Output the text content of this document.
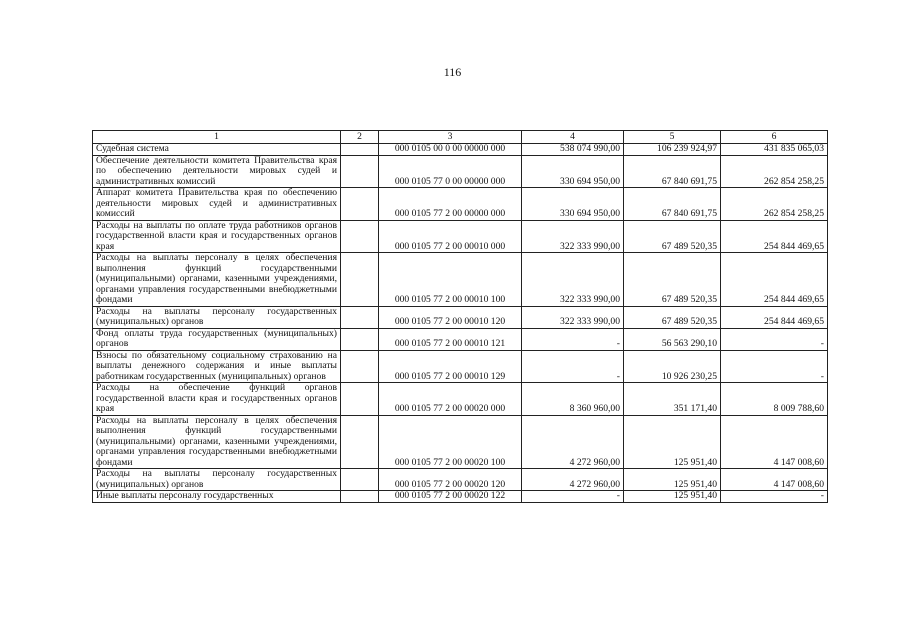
116
1	2	3	4	5	6
Судебная система		000 0105 00 0 00 00000 000	538 074 990,00	106 239 924,97	431 835 065,03
Обеспечение деятельности комитета Правительства края по обеспечению деятельности мировых судей и административных комиссий		000 0105 77 0 00 00000 000	330 694 950,00	67 840 691,75	262 854 258,25
Аппарат комитета Правительства края по обеспечению деятельности мировых судей и административных комиссий		000 0105 77 2 00 00000 000	330 694 950,00	67 840 691,75	262 854 258,25
Расходы на выплаты по оплате труда работников органов государственной власти края и государственных органов края		000 0105 77 2 00 00010 000	322 333 990,00	67 489 520,35	254 844 469,65
Расходы на выплаты персоналу в целях обеспечения выполнения функций государственными (муниципальными) органами, казенными учреждениями, органами управления государственными внебюджетными фондами		000 0105 77 2 00 00010 100	322 333 990,00	67 489 520,35	254 844 469,65
Расходы на выплаты персоналу государственных (муниципальных) органов		000 0105 77 2 00 00010 120	322 333 990,00	67 489 520,35	254 844 469,65
Фонд оплаты труда государственных (муниципальных) органов		000 0105 77 2 00 00010 121	-	56 563 290,10	-
Взносы по обязательному социальному страхованию на выплаты денежного содержания и иные выплаты работникам государственных (муниципальных) органов		000 0105 77 2 00 00010 129	-	10 926 230,25	-
Расходы на обеспечение функций органов государственной власти края и государственных органов края		000 0105 77 2 00 00020 000	8 360 960,00	351 171,40	8 009 788,60
Расходы на выплаты персоналу в целях обеспечения выполнения функций государственными (муниципальными) органами, казенными учреждениями, органами управления государственными внебюджетными фондами		000 0105 77 2 00 00020 100	4 272 960,00	125 951,40	4 147 008,60
Расходы на выплаты персоналу государственных (муниципальных) органов		000 0105 77 2 00 00020 120	4 272 960,00	125 951,40	4 147 008,60
Иные выплаты персоналу государственных		000 0105 77 2 00 00020 122	-	125 951,40	-
